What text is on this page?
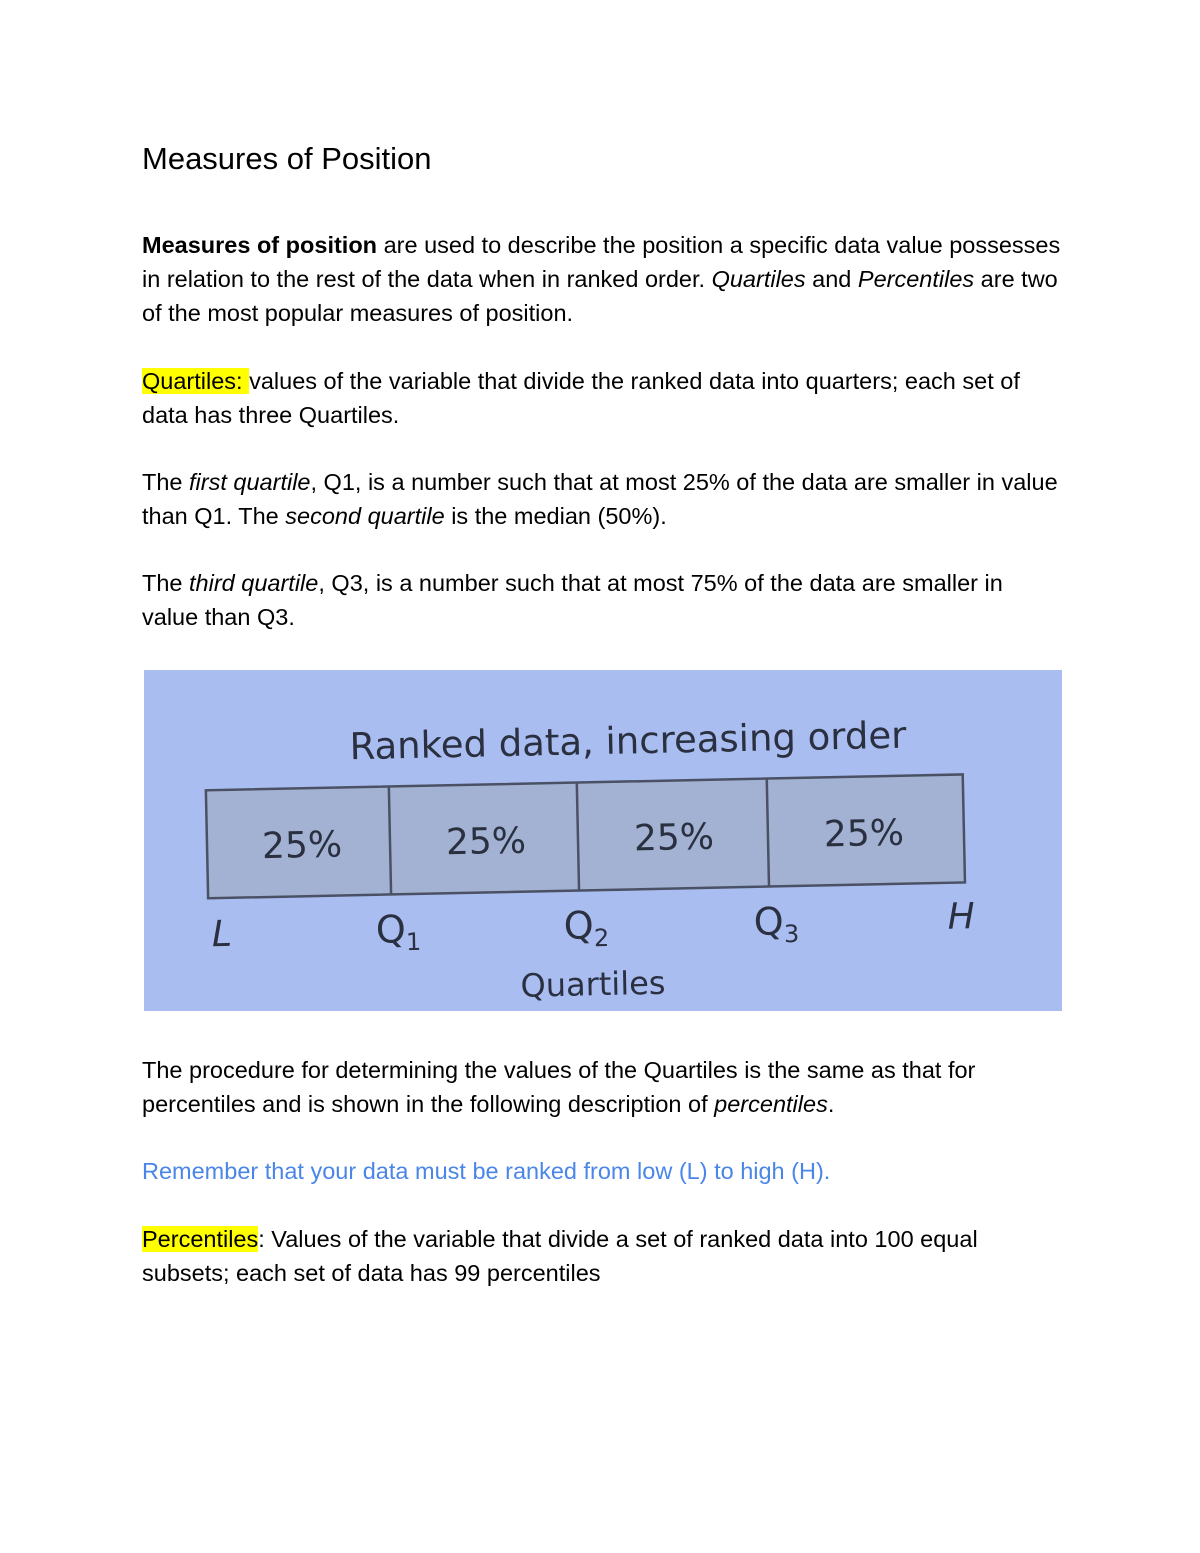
Measures of Position

Measures of position are used to describe the position a specific data value possesses in relation to the rest of the data when in ranked order. Quartiles and Percentiles are two of the most popular measures of position.

Quartiles: values of the variable that divide the ranked data into quarters; each set of data has three Quartiles.

The first quartile, Q1, is a number such that at most 25% of the data are smaller in value than Q1. The second quartile is the median (50%).

The third quartile, Q3, is a number such that at most 75% of the data are smaller in value than Q3.

The procedure for determining the values of the Quartiles is the same as that for percentiles and is shown in the following description of percentiles.

Remember that your data must be ranked from low (L) to high (H).

Percentiles: Values of the variable that divide a set of ranked data into 100 equal subsets; each set of data has 99 percentiles

Ranked data, increasing order
25%	25%	25%	25%
L	$Q_1$	$Q_2$	$Q_3$	H
Quartiles
